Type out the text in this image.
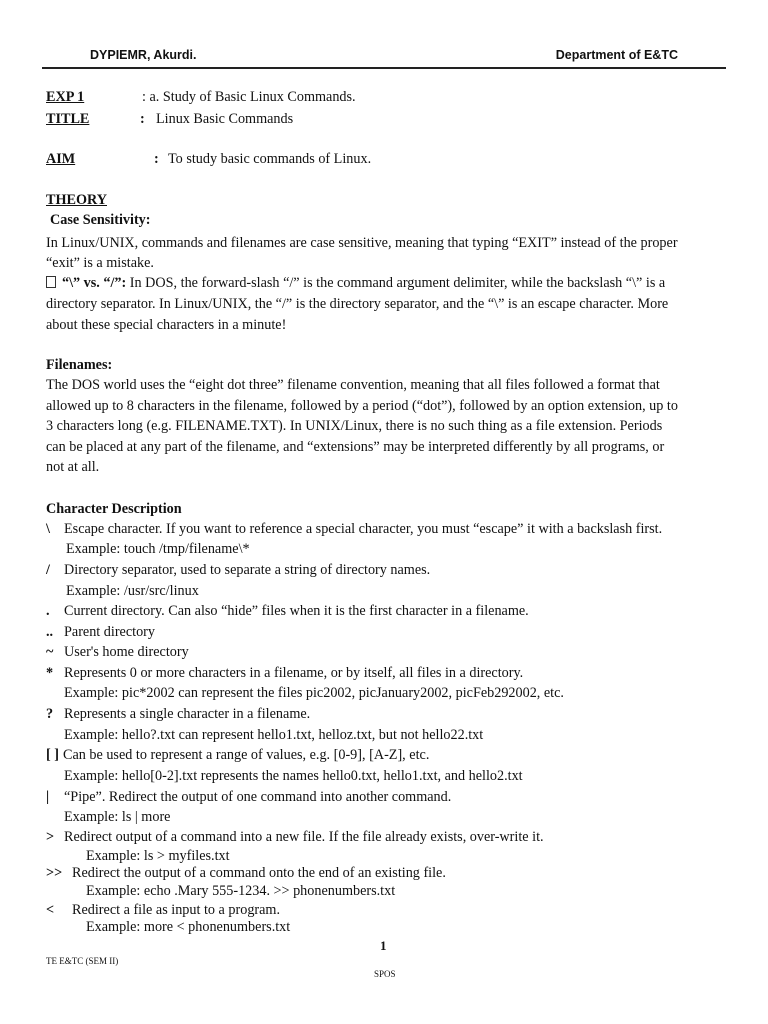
DYPIEMR, Akurdi.	Department of E&TC
EXP 1	: a. Study of Basic Linux Commands.
TITLE	: Linux Basic Commands
AIM	: To study basic commands of Linux.
THEORY
Case Sensitivity:
In Linux/UNIX, commands and filenames are case sensitive, meaning that typing “EXIT” instead of the proper
“exit” is a mistake.
“\” vs. “/”: In DOS, the forward-slash “/” is the command argument delimiter, while the backslash “\” is a
directory separator. In Linux/UNIX, the “/” is the directory separator, and the “\” is an escape character. More
about these special characters in a minute!
Filenames:
The DOS world uses the “eight dot three” filename convention, meaning that all files followed a format that
allowed up to 8 characters in the filename, followed by a period (“dot”), followed by an option extension, up to
3 characters long (e.g. FILENAME.TXT). In UNIX/Linux, there is no such thing as a file extension. Periods
can be placed at any part of the filename, and “extensions” may be interpreted differently by all programs, or
not at all.
Character Description
\ Escape character. If you want to reference a special character, you must “escape” it with a backslash first.
Example: touch /tmp/filename\*
/ Directory separator, used to separate a string of directory names.
Example: /usr/src/linux
. Current directory. Can also “hide” files when it is the first character in a filename.
.. Parent directory
~ User's home directory
* Represents 0 or more characters in a filename, or by itself, all files in a directory.
Example: pic*2002 can represent the files pic2002, picJanuary2002, picFeb292002, etc.
? Represents a single character in a filename.
Example: hello?.txt can represent hello1.txt, helloz.txt, but not hello22.txt
[ ] Can be used to represent a range of values, e.g. [0-9], [A-Z], etc.
Example: hello[0-2].txt represents the names hello0.txt, hello1.txt, and hello2.txt
| “Pipe”. Redirect the output of one command into another command.
Example: ls | more
> Redirect output of a command into a new file. If the file already exists, over-write it.
Example: ls > myfiles.txt
>> Redirect the output of a command onto the end of an existing file.
Example: echo .Mary 555-1234. >> phonenumbers.txt
< Redirect a file as input to a program.
Example: more < phonenumbers.txt
1
TE E&TC (SEM II)
SPOS
